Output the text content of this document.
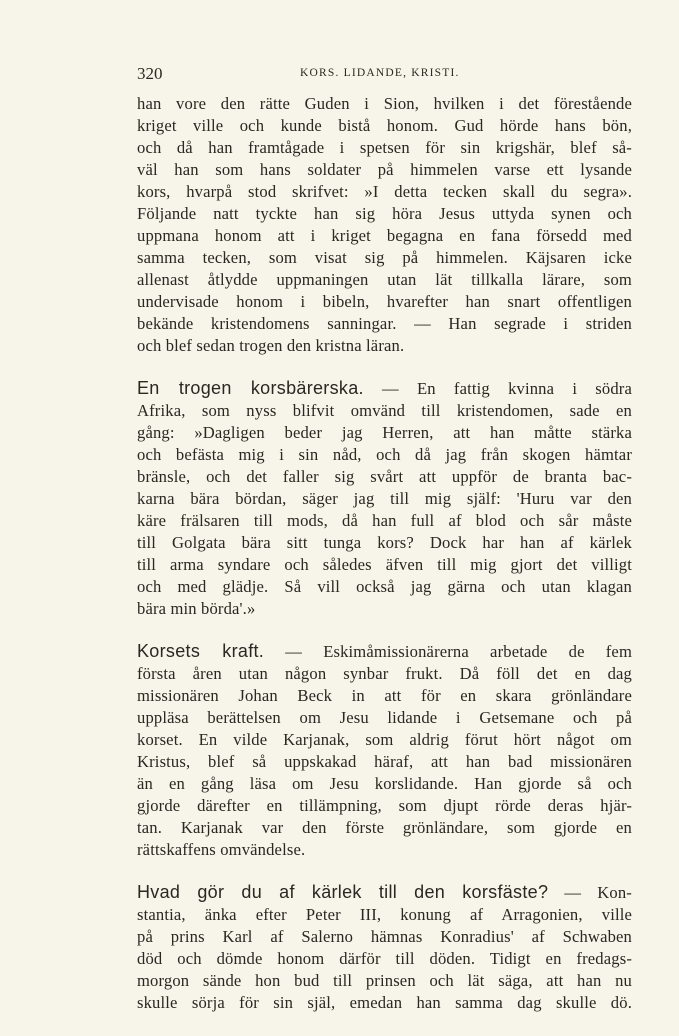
320	KORS. LIDANDE, KRISTI.
han vore den rätte Guden i Sion, hvilken i det förestående
kriget ville och kunde bistå honom. Gud hörde hans bön,
och då han framtågade i spetsen för sin krigshär, blef så-
väl han som hans soldater på himmelen varse ett lysande
kors, hvarpå stod skrifvet: »I detta tecken skall du segra».
Följande natt tyckte han sig höra Jesus uttyda synen och
uppmana honom att i kriget begagna en fana försedd med
samma tecken, som visat sig på himmelen. Käjsaren icke
allenast åtlydde uppmaningen utan lät tillkalla lärare, som
undervisade honom i bibeln, hvarefter han snart offentligen
bekände kristendomens sanningar. — Han segrade i striden
och blef sedan trogen den kristna läran.
En trogen korsbärerska. — En fattig kvinna i södra
Afrika, som nyss blifvit omvänd till kristendomen, sade en
gång: »Dagligen beder jag Herren, att han måtte stärka
och befästa mig i sin nåd, och då jag från skogen hämtar
bränsle, och det faller sig svårt att uppför de branta bac-
karna bära bördan, säger jag till mig själf: 'Huru var den
käre frälsaren till mods, då han full af blod och sår måste
till Golgata bära sitt tunga kors? Dock har han af kärlek
till arma syndare och således äfven till mig gjort det villigt
och med glädje. Så vill också jag gärna och utan klagan
bära min börda'.»
Korsets kraft. — Eskimåmissionärerna arbetade de fem
första åren utan någon synbar frukt. Då föll det en dag
missionären Johan Beck in att för en skara grönländare
uppläsa berättelsen om Jesu lidande i Getsemane och på
korset. En vilde Karjanak, som aldrig förut hört något om
Kristus, blef så uppskakad häraf, att han bad missionären
än en gång läsa om Jesu korslidande. Han gjorde så och
gjorde därefter en tillämpning, som djupt rörde deras hjär-
tan. Karjanak var den förste grönländare, som gjorde en
rättskaffens omvändelse.
Hvad gör du af kärlek till den korsfäste? — Kon-
stantia, änka efter Peter III, konung af Arragonien, ville
på prins Karl af Salerno hämnas Konradius' af Schwaben
död och dömde honom därför till döden. Tidigt en fredags-
morgon sände hon bud till prinsen och lät säga, att han nu
skulle sörja för sin själ, emedan han samma dag skulle dö.
